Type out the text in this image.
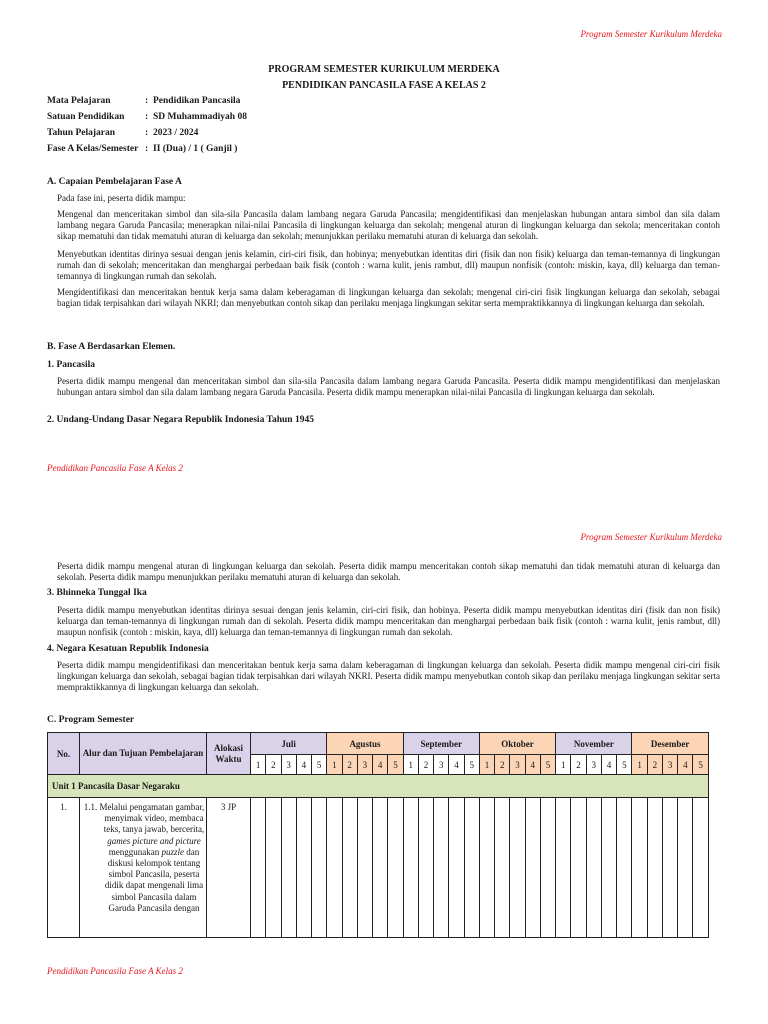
Program Semester Kurikulum Merdeka
PROGRAM SEMESTER KURIKULUM MERDEKA
PENDIDIKAN PANCASILA FASE A KELAS 2
Mata Pelajaran	: Pendidikan Pancasila
Satuan Pendidikan : SD Muhammadiyah 08
Tahun Pelajaran	: 2023 / 2024
Fase A Kelas/Semester : II (Dua) / 1 ( Ganjil )
A. Capaian Pembelajaran Fase A
Pada fase ini, peserta didik mampu:
Mengenal dan menceritakan simbol dan sila-sila Pancasila dalam lambang negara Garuda Pancasila; mengidentifikasi dan menjelaskan hubungan antara simbol dan sila dalam lambang negara Garuda Pancasila; menerapkan nilai-nilai Pancasila di lingkungan keluarga dan sekolah; mengenal aturan di lingkungan keluarga dan sekola; menceritakan contoh sikap mematuhi dan tidak mematuhi aturan di keluarga dan sekolah; menunjukkan perilaku mematuhi aturan di keluarga dan sekolah.
Menyebutkan identitas dirinya sesuai dengan jenis kelamin, ciri-ciri fisik, dan hobinya; menyebutkan identitas diri (fisik dan non fisik) keluarga dan teman-temannya di lingkungan rumah dan di sekolah; menceritakan dan menghargai perbedaan baik fisik (contoh : warna kulit, jenis rambut, dll) maupun nonfisik (contoh: miskin, kaya, dll) keluarga dan teman-temannya di lingkungan rumah dan sekolah.
Mengidentifikasi dan menceritakan bentuk kerja sama dalam keberagaman di lingkungan keluarga dan sekolah; mengenal ciri-ciri fisik lingkungan keluarga dan sekolah, sebagai bagian tidak terpisahkan dari wilayah NKRI; dan menyebutkan contoh sikap dan perilaku menjaga lingkungan sekitar serta mempraktikkannya di lingkungan keluarga dan sekolah.
B. Fase A Berdasarkan Elemen.
1. Pancasila
Peserta didik mampu mengenal dan menceritakan simbol dan sila-sila Pancasila dalam lambang negara Garuda Pancasila. Peserta didik mampu mengidentifikasi dan menjelaskan hubungan antara simbol dan sila dalam lambang negara Garuda Pancasila. Peserta didik mampu menerapkan nilai-nilai Pancasila di lingkungan keluarga dan sekolah.
2. Undang-Undang Dasar Negara Republik Indonesia Tahun 1945
Pendidikan Pancasila Fase A Kelas 2
Program Semester Kurikulum Merdeka
Peserta didik mampu mengenal aturan di lingkungan keluarga dan sekolah. Peserta didik mampu menceritakan contoh sikap mematuhi dan tidak mematuhi aturan di keluarga dan sekolah. Peserta didik mampu menunjukkan perilaku mematuhi aturan di keluarga dan sekolah.
3. Bhinneka Tunggal Ika
Peserta didik mampu menyebutkan identitas dirinya sesuai dengan jenis kelamin, ciri-ciri fisik, dan hobinya. Peserta didik mampu menyebutkan identitas diri (fisik dan non fisik) keluarga dan teman-temannya di lingkungan rumah dan di sekolah. Peserta didik mampu menceritakan dan menghargai perbedaan baik fisik (contoh : warna kulit, jenis rambut, dll) maupun nonfisik (contoh : miskin, kaya, dll) keluarga dan teman-temannya di lingkungan rumah dan sekolah.
4. Negara Kesatuan Republik Indonesia
Peserta didik mampu mengidentifikasi dan menceritakan bentuk kerja sama dalam keberagaman di lingkungan keluarga dan sekolah. Peserta didik mampu mengenal ciri-ciri fisik lingkungan keluarga dan sekolah, sebagai bagian tidak terpisahkan dari wilayah NKRI. Peserta didik mampu menyebutkan contoh sikap dan perilaku menjaga lingkungan sekitar serta mempraktikkannya di lingkungan keluarga dan sekolah.
C. Program Semester
No.	Alur dan Tujuan Pembelajaran	Alokasi Waktu	Juli					Agustus					September					Oktober					November					Desember				
			1	2	3	4	5	1	2	3	4	5	1	2	3	4	5	1	2	3	4	5	1	2	3	4	5	1	2	3	4	5
Unit 1 Pancasila Dasar Negaraku																																
1.	1.1. Melalui pengamatan gambar, menyimak video, membaca teks, tanya jawab, bercerita, games picture and picture menggunakan puzzle dan diskusi kelompok tentang simbol Pancasila, peserta didik dapat mengenali lima simbol Pancasila dalam Garuda Pancasila dengan	3 JP																														
Pendidikan Pancasila Fase A Kelas 2
